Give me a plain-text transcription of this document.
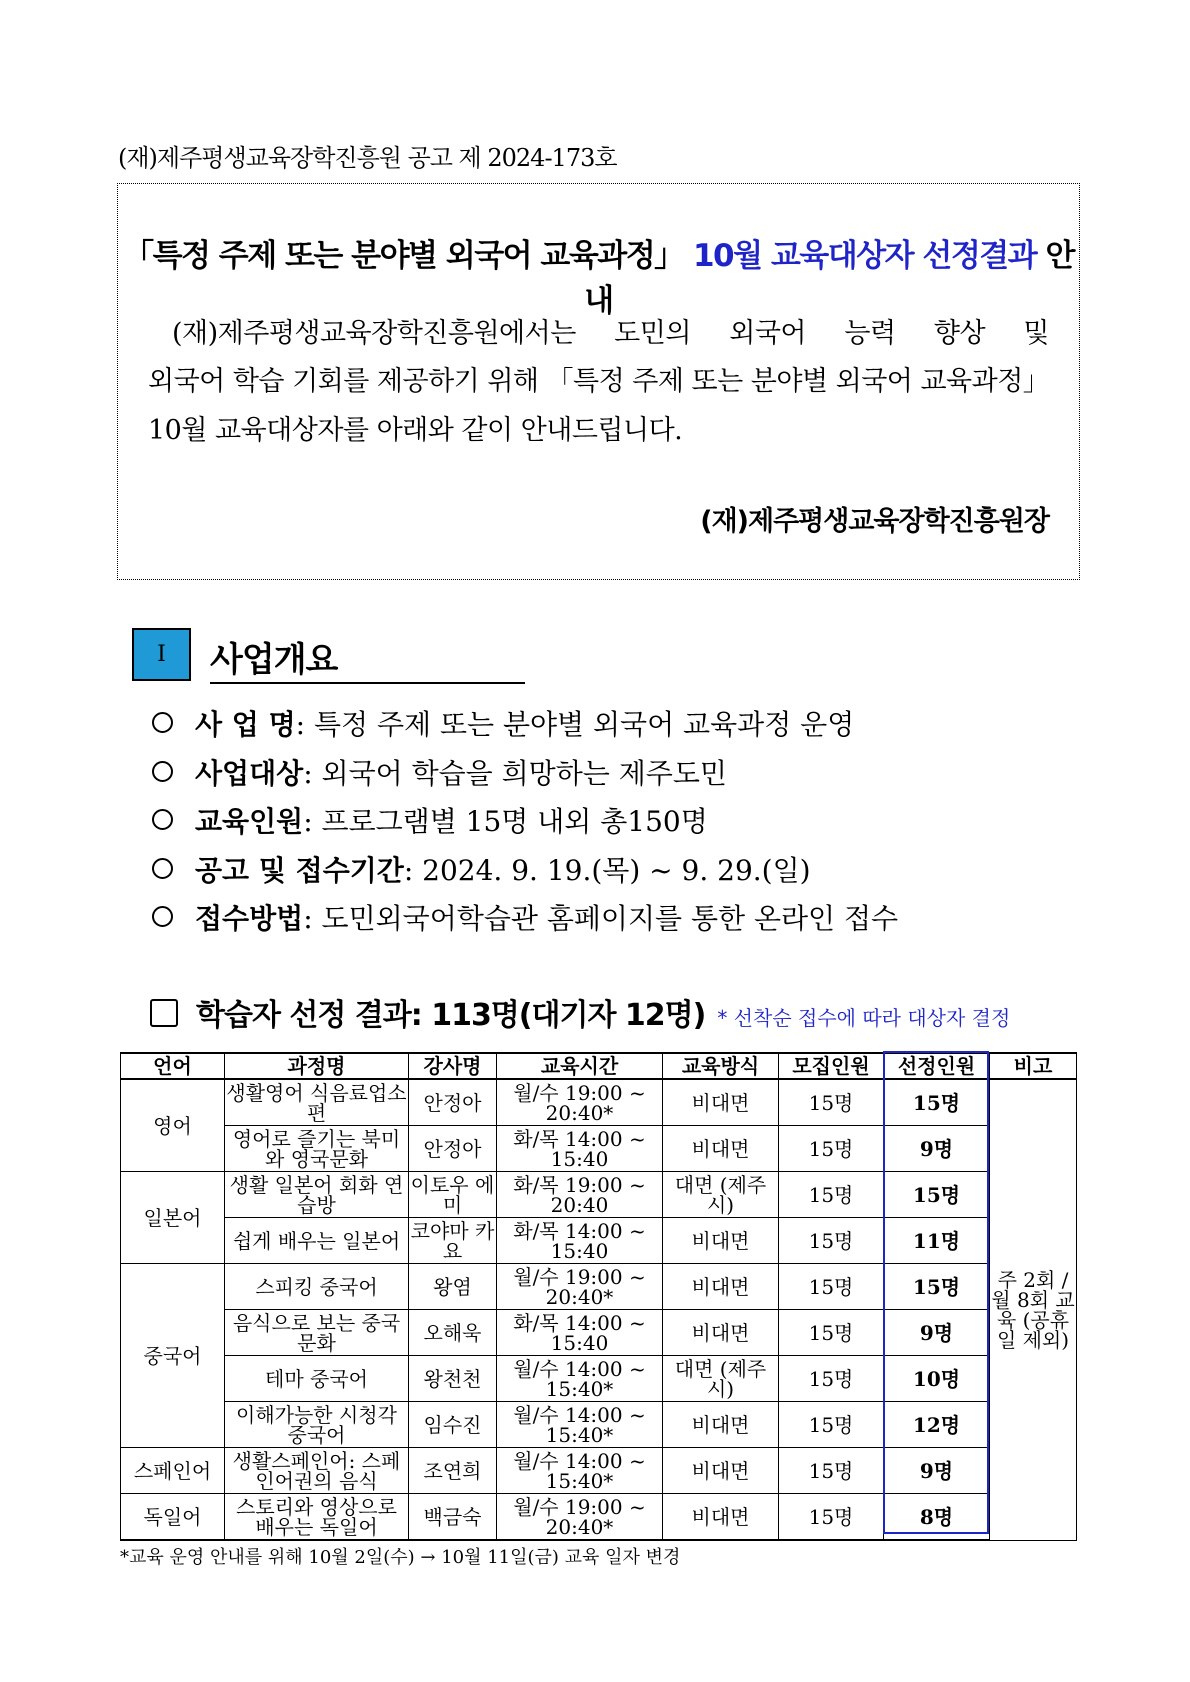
(재)제주평생교육장학진흥원 공고 제 2024-173호
「특정 주제 또는 분야별 외국어 교육과정」 10월 교육대상자 선정결과 안내
(재)제주평생교육장학진흥원에서는 도민의 외국어 능력 향상 및
외국어 학습 기회를 제공하기 위해 「특정 주제 또는 분야별 외국어 교육과정」
10월 교육대상자를 아래와 같이 안내드립니다.
(재)제주평생교육장학진흥원장
Ⅰ	사업개요
사 업 명: 특정 주제 또는 분야별 외국어 교육과정 운영
사업대상: 외국어 학습을 희망하는 제주도민
교육인원: 프로그램별 15명 내외 총150명
공고 및 접수기간: 2024. 9. 19.(목) ~ 9. 29.(일)
접수방법: 도민외국어학습관 홈페이지를 통한 온라인 접수
학습자 선정 결과: 113명(대기자 12명) * 선착순 접수에 따라 대상자 결정
언어	과정명	강사명	교육시간	교육방식	모집인원	선정인원	비고
영어	생활영어 식음료업소편	안정아	월/수 19:00 ~ 20:40*	비대면	15명	15명	주 2회 / 월 8회 교육 (공휴일 제외)
	영어로 즐기는 북미와 영국문화	안정아	화/목 14:00 ~ 15:40	비대면	15명	9명	
일본어	생활 일본어 회화 연습방	이토우 에미	화/목 19:00 ~ 20:40	대면 (제주시)	15명	15명	
	쉽게 배우는 일본어	코야마 카요	화/목 14:00 ~ 15:40	비대면	15명	11명	
중국어	스피킹 중국어	왕염	월/수 19:00 ~ 20:40*	비대면	15명	15명	
	음식으로 보는 중국문화	오해욱	화/목 14:00 ~ 15:40	비대면	15명	9명	
	테마 중국어	왕천천	월/수 14:00 ~ 15:40*	대면 (제주시)	15명	10명	
	이해가능한 시청각 중국어	임수진	월/수 14:00 ~ 15:40*	비대면	15명	12명	
스페인어	생활스페인어: 스페인어권의 음식	조연희	월/수 14:00 ~ 15:40*	비대면	15명	9명	
독일어	스토리와 영상으로 배우는 독일어	백금숙	월/수 19:00 ~ 20:40*	비대면	15명	8명	
*교육 운영 안내를 위해 10월 2일(수) → 10월 11일(금) 교육 일자 변경
